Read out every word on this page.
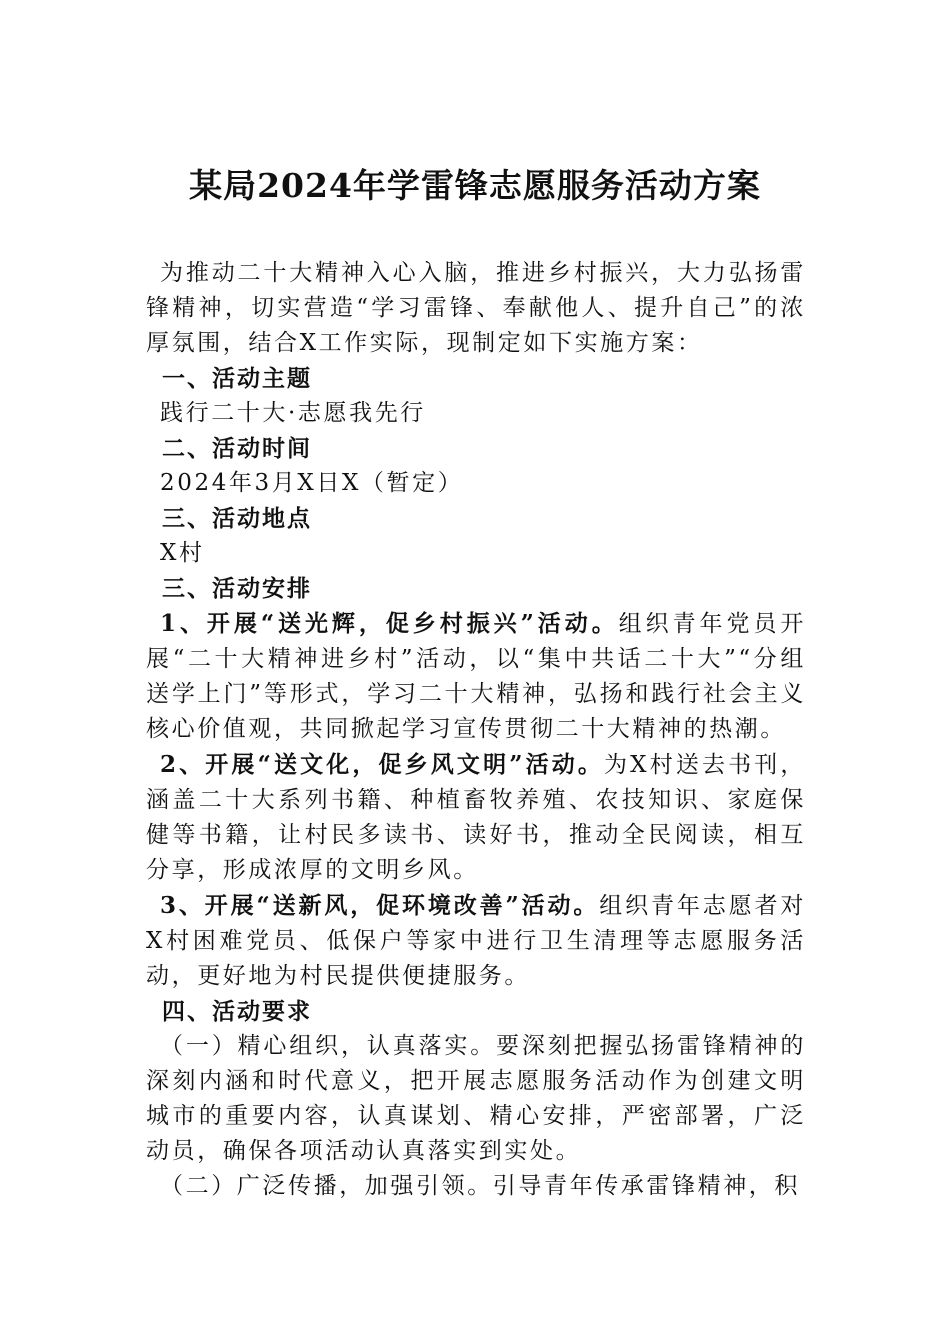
某局2024年学雷锋志愿服务活动方案

为推动二十大精神入心入脑，推进乡村振兴，大力弘扬雷锋精神，切实营造“学习雷锋、奉献他人、提升自己”的浓厚氛围，结合X工作实际，现制定如下实施方案：

一、活动主题

践行二十大·志愿我先行

二、活动时间

2024年3月X日X（暂定）

三、活动地点

X村

三、活动安排

1、开展“送光辉，促乡村振兴”活动。组织青年党员开展“二十大精神进乡村”活动，以“集中共话二十大”“分组送学上门”等形式，学习二十大精神，弘扬和践行社会主义核心价值观，共同掀起学习宣传贯彻二十大精神的热潮。

2、开展“送文化，促乡风文明”活动。为X村送去书刊，涵盖二十大系列书籍、种植畜牧养殖、农技知识、家庭保健等书籍，让村民多读书、读好书，推动全民阅读，相互分享，形成浓厚的文明乡风。

3、开展“送新风，促环境改善”活动。组织青年志愿者对X村困难党员、低保户等家中进行卫生清理等志愿服务活动，更好地为村民提供便捷服务。

四、活动要求

（一）精心组织，认真落实。要深刻把握弘扬雷锋精神的深刻内涵和时代意义，把开展志愿服务活动作为创建文明城市的重要内容，认真谋划、精心安排，严密部署，广泛动员，确保各项活动认真落实到实处。

（二）广泛传播，加强引领。引导青年传承雷锋精神，积
